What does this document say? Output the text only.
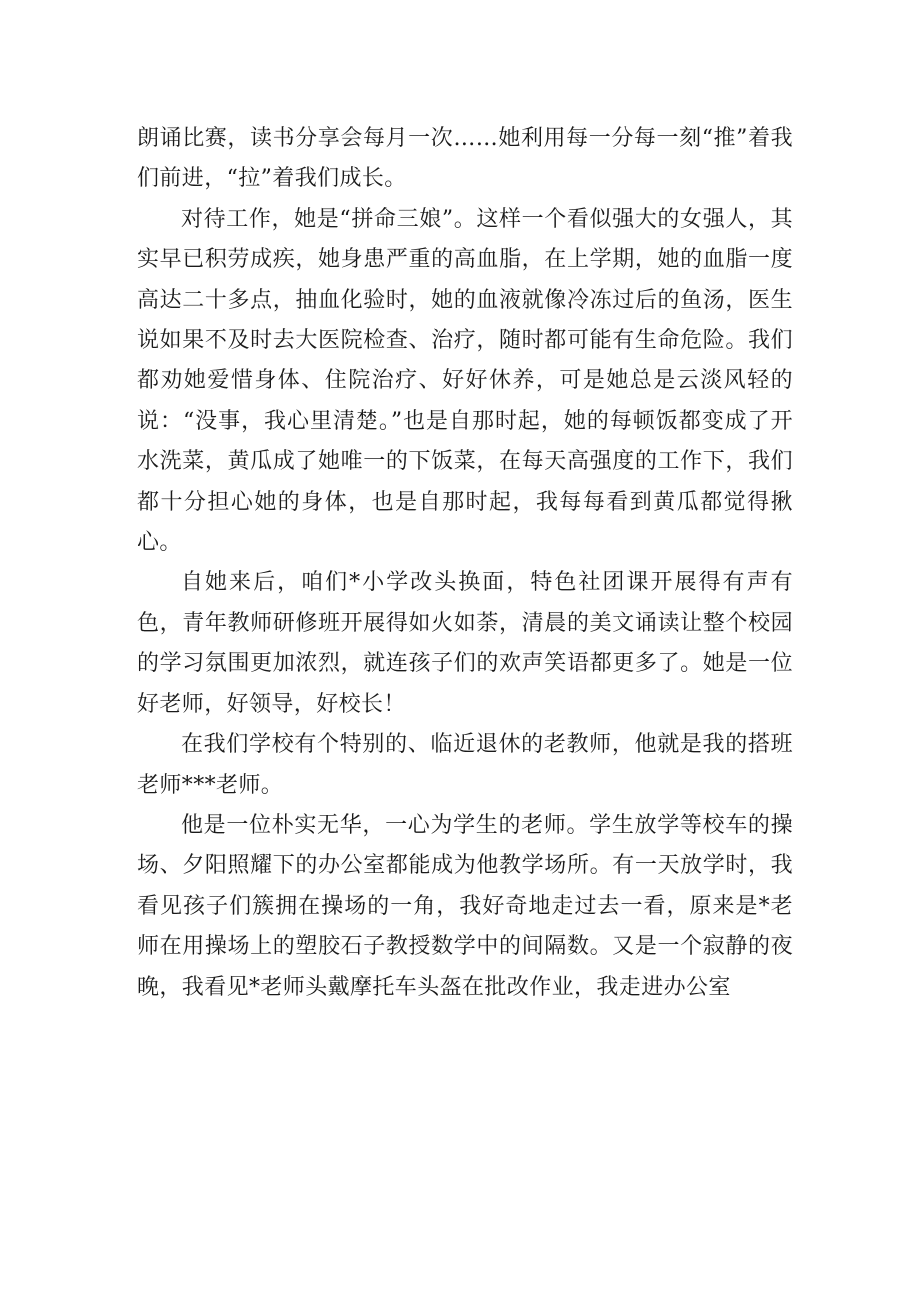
朗诵比赛，读书分享会每月一次……她利用每一分每一刻“推”着我们前进，“拉”着我们成长。

对待工作，她是“拼命三娘”。这样一个看似强大的女强人，其实早已积劳成疾，她身患严重的高血脂，在上学期，她的血脂一度高达二十多点，抽血化验时，她的血液就像冷冻过后的鱼汤，医生说如果不及时去大医院检查、治疗，随时都可能有生命危险。我们都劝她爱惜身体、住院治疗、好好休养，可是她总是云淡风轻的说：“没事，我心里清楚。”也是自那时起，她的每顿饭都变成了开水洗菜，黄瓜成了她唯一的下饭菜，在每天高强度的工作下，我们都十分担心她的身体，也是自那时起，我每每看到黄瓜都觉得揪心。

自她来后，咱们*小学改头换面，特色社团课开展得有声有色，青年教师研修班开展得如火如荼，清晨的美文诵读让整个校园的学习氛围更加浓烈，就连孩子们的欢声笑语都更多了。她是一位好老师，好领导，好校长！

在我们学校有个特别的、临近退休的老教师，他就是我的搭班老师***老师。

他是一位朴实无华，一心为学生的老师。学生放学等校车的操场、夕阳照耀下的办公室都能成为他教学场所。有一天放学时，我看见孩子们簇拥在操场的一角，我好奇地走过去一看，原来是*老师在用操场上的塑胶石子教授数学中的间隔数。又是一个寂静的夜晚，我看见*老师头戴摩托车头盔在批改作业，我走进办公室
